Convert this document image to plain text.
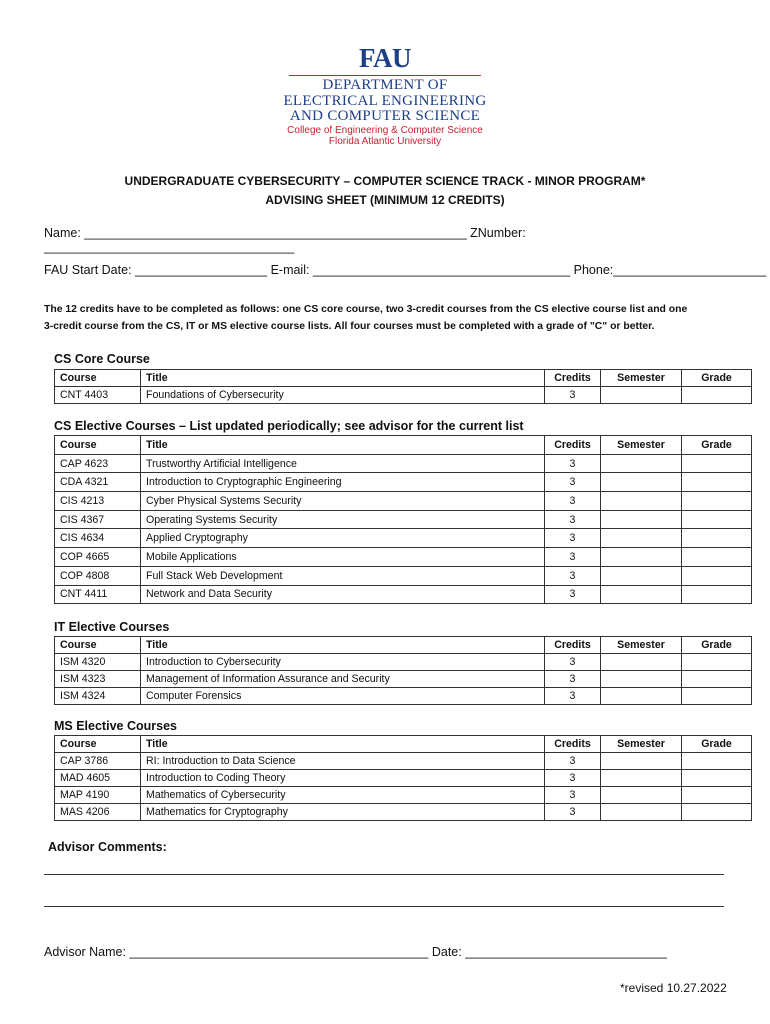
FAU
DEPARTMENT OF
ELECTRICAL ENGINEERING
AND COMPUTER SCIENCE
College of Engineering & Computer Science
Florida Atlantic University
UNDERGRADUATE CYBERSECURITY – COMPUTER SCIENCE TRACK - MINOR PROGRAM*
ADVISING SHEET (MINIMUM 12 CREDITS)
Name: _______________________________________________________ ZNumber: ____________________________________
FAU Start Date: ___________________ E-mail: _____________________________________ Phone:______________________
The 12 credits have to be completed as follows: one CS core course, two 3-credit courses from the CS elective course list and one
3-credit course from the CS, IT or MS elective course lists. All four courses must be completed with a grade of "C" or better.
CS Core Course
Course	Title	Credits	Semester	Grade
CNT 4403	Foundations of Cybersecurity	3		
CS Elective Courses – List updated periodically; see advisor for the current list
Course	Title	Credits	Semester	Grade
CAP 4623	Trustworthy Artificial Intelligence	3		
CDA 4321	Introduction to Cryptographic Engineering	3		
CIS 4213	Cyber Physical Systems Security	3		
CIS 4367	Operating Systems Security	3		
CIS 4634	Applied Cryptography	3		
COP 4665	Mobile Applications	3		
COP 4808	Full Stack Web Development	3		
CNT 4411	Network and Data Security	3		
IT Elective Courses
Course	Title	Credits	Semester	Grade
ISM 4320	Introduction to Cybersecurity	3		
ISM 4323	Management of Information Assurance and Security	3		
ISM 4324	Computer Forensics	3		
MS Elective Courses
Course	Title	Credits	Semester	Grade
CAP 3786	RI: Introduction to Data Science	3		
MAD 4605	Introduction to Coding Theory	3		
MAP 4190	Mathematics of Cybersecurity	3		
MAS 4206	Mathematics for Cryptography	3		
Advisor Comments:
Advisor Name: ___________________________________________ Date: _____________________________
*revised 10.27.2022
